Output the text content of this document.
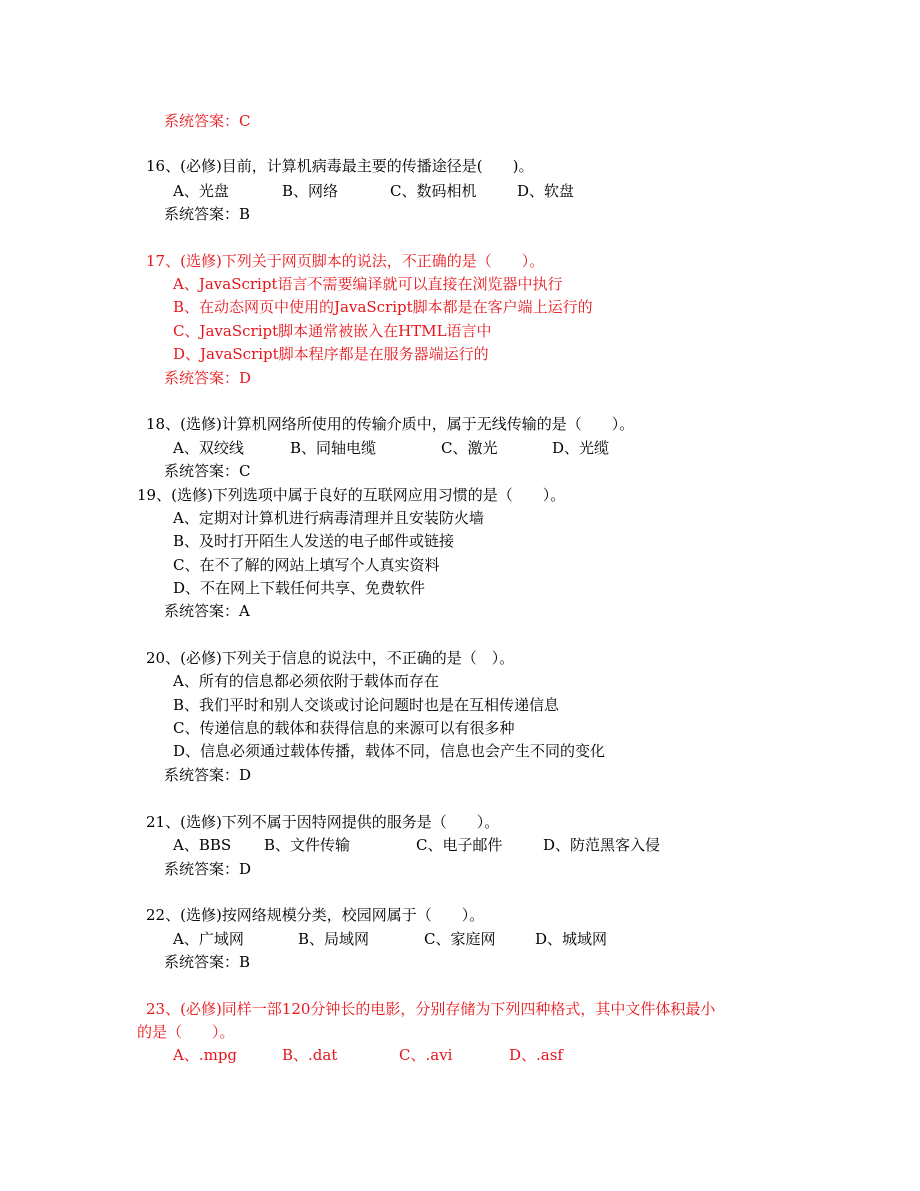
系统答案：C
16、(必修)目前，计算机病毒最主要的传播途径是(　　)。
A、光盘	B、网络	C、数码相机	D、软盘
系统答案：B
17、(选修)下列关于网页脚本的说法，不正确的是（　　）。
A、JavaScript语言不需要编译就可以直接在浏览器中执行
B、在动态网页中使用的JavaScript脚本都是在客户端上运行的
C、JavaScript脚本通常被嵌入在HTML语言中
D、JavaScript脚本程序都是在服务器端运行的
系统答案：D
18、(选修)计算机网络所使用的传输介质中，属于无线传输的是（　　）。
A、双绞线	B、同轴电缆	C、激光	D、光缆
系统答案：C
19、(选修)下列选项中属于良好的互联网应用习惯的是（　　）。
A、定期对计算机进行病毒清理并且安装防火墙
B、及时打开陌生人发送的电子邮件或链接
C、在不了解的网站上填写个人真实资料
D、不在网上下载任何共享、免费软件
系统答案：A
20、(必修)下列关于信息的说法中，不正确的是（　）。
A、所有的信息都必须依附于载体而存在
B、我们平时和别人交谈或讨论问题时也是在互相传递信息
C、传递信息的载体和获得信息的来源可以有很多种
D、信息必须通过载体传播，载体不同，信息也会产生不同的变化
系统答案：D
21、(选修)下列不属于因特网提供的服务是（　　）。
A、BBS B、文件传输	C、电子邮件	D、防范黑客入侵
系统答案：D
22、(选修)按网络规模分类，校园网属于（　　）。
A、广域网	B、局域网	C、家庭网	D、城域网
系统答案：B
23、(必修)同样一部120分钟长的电影，分别存储为下列四种格式，其中文件体积最小
的是（　　）。
A、.mpg	B、.dat	C、.avi	D、.asf
